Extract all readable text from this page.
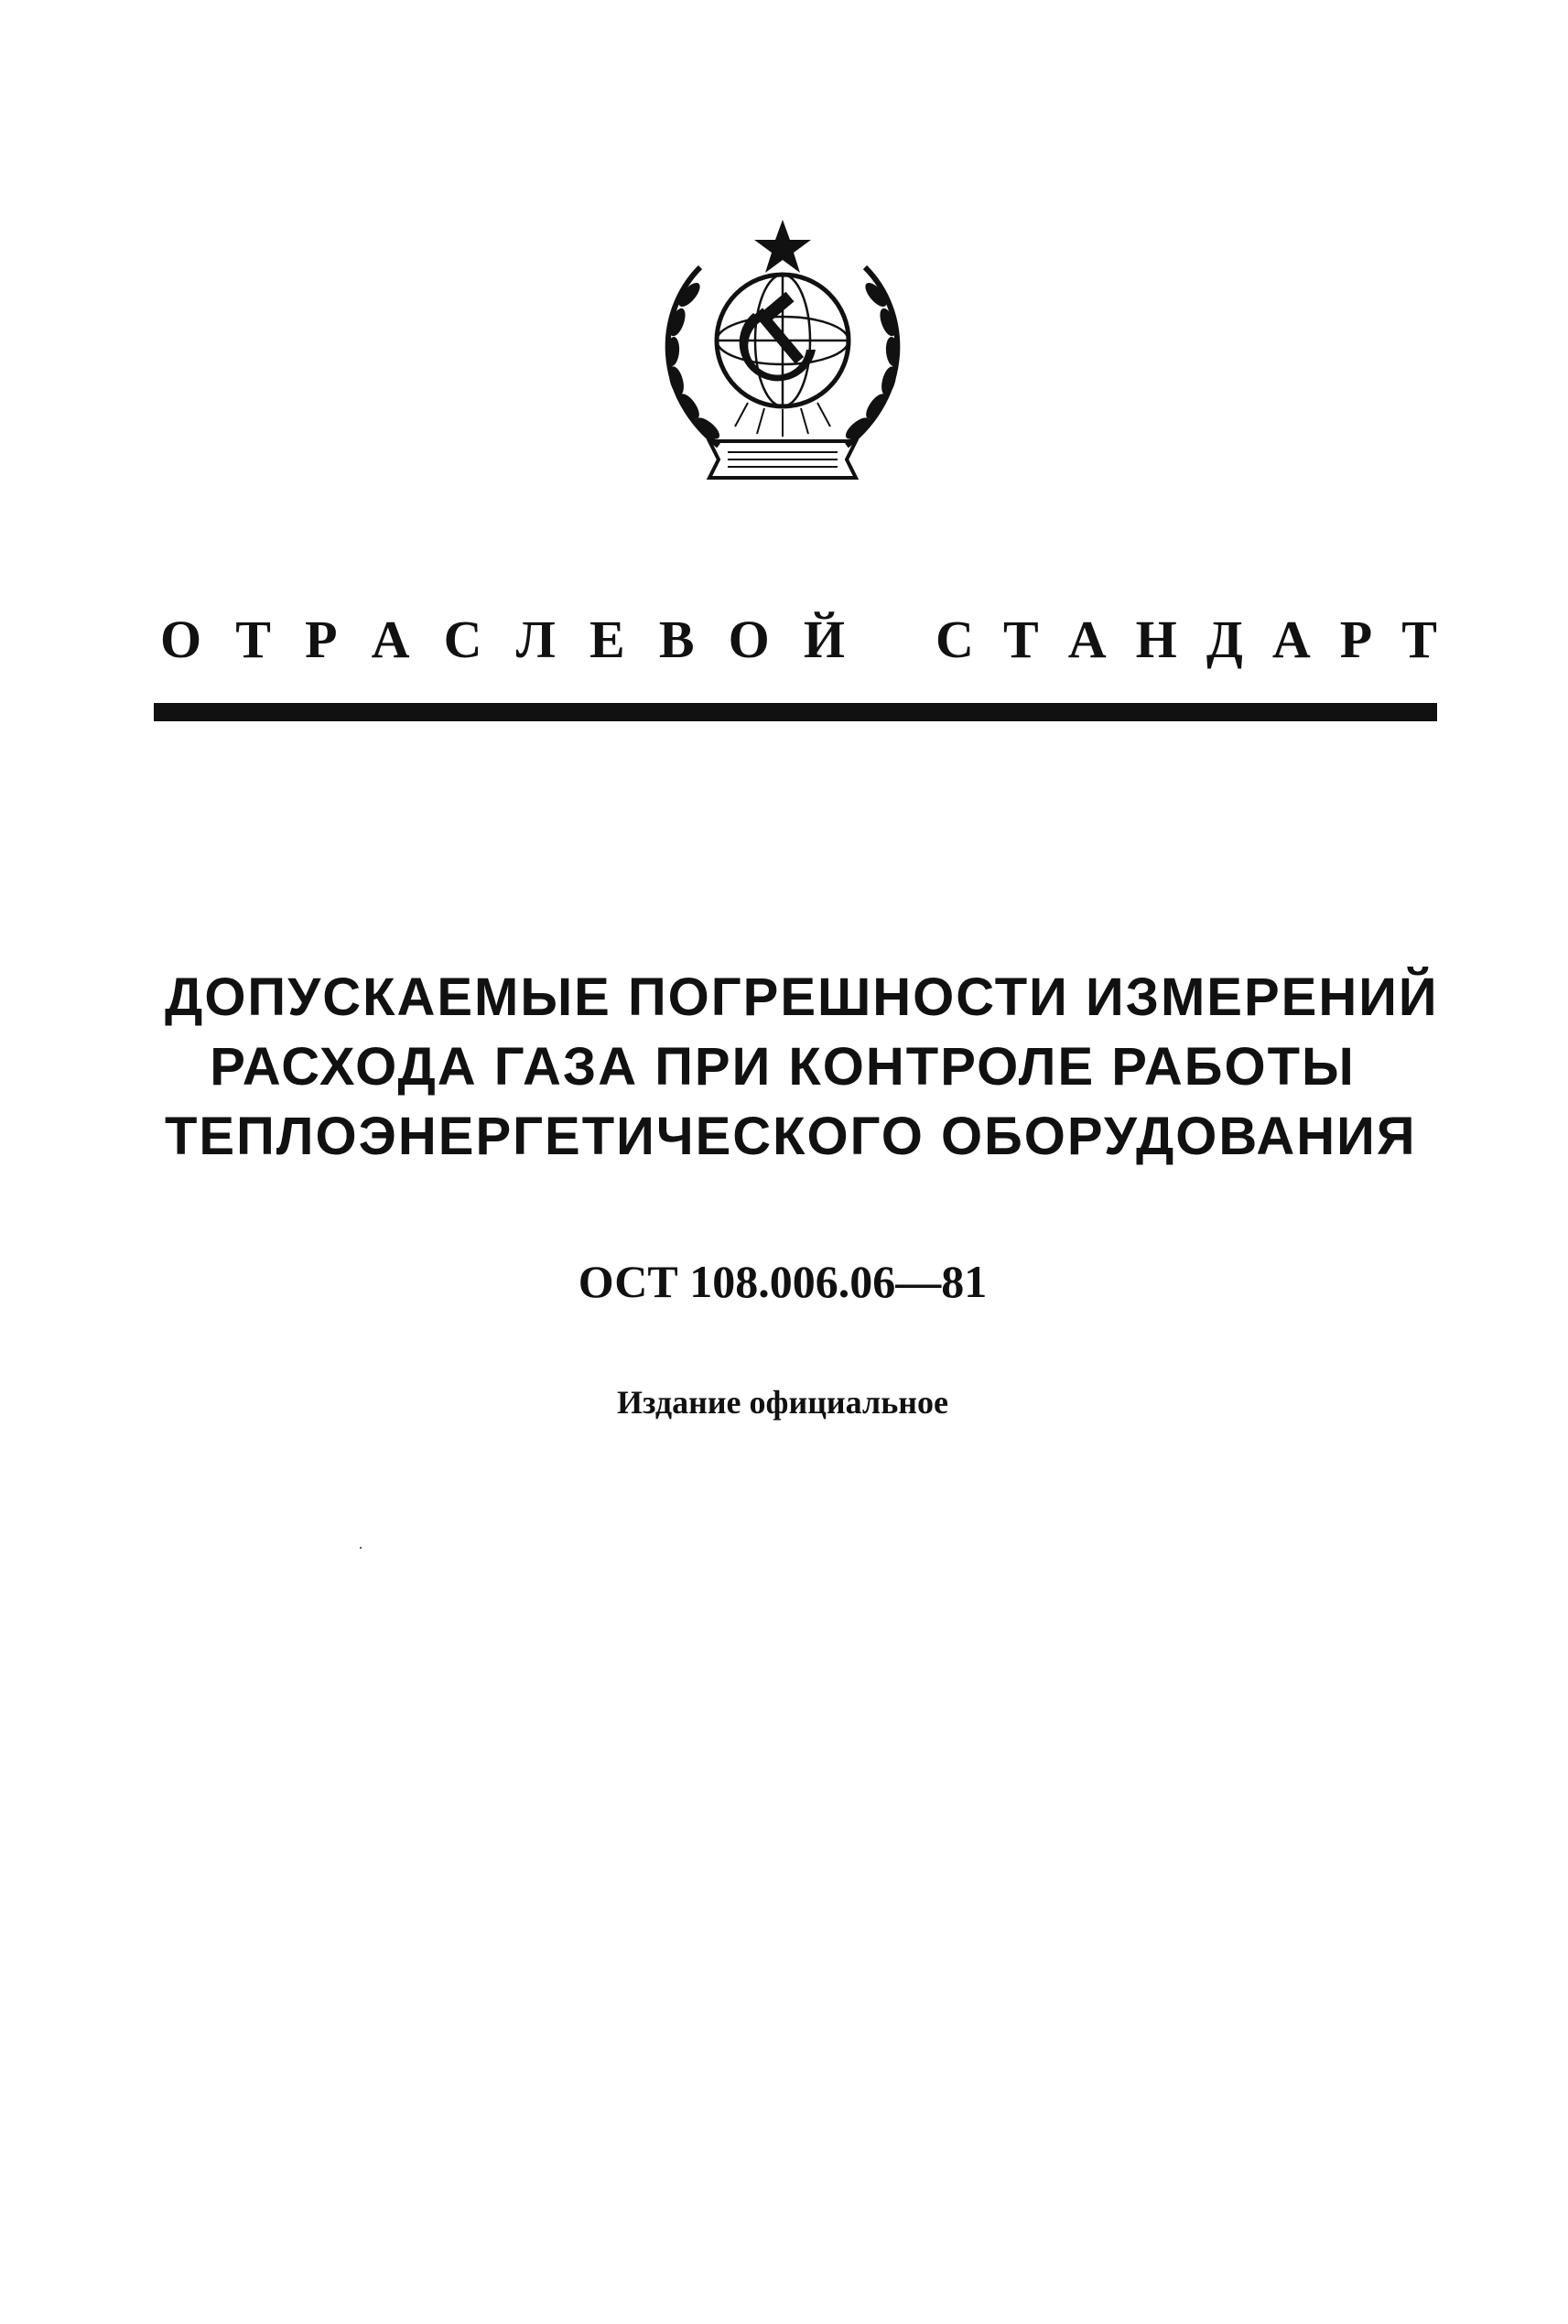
О Т Р А С Л Е В О Й С Т А Н Д А Р Т
ДОПУСКАЕМЫЕ ПОГРЕШНОСТИ ИЗМЕРЕНИЙ
РАСХОДА ГАЗА ПРИ КОНТРОЛЕ РАБОТЫ
ТЕПЛОЭНЕРГЕТИЧЕСКОГО ОБОРУДОВАНИЯ
ОСТ 108.006.06—81
Издание официальное
